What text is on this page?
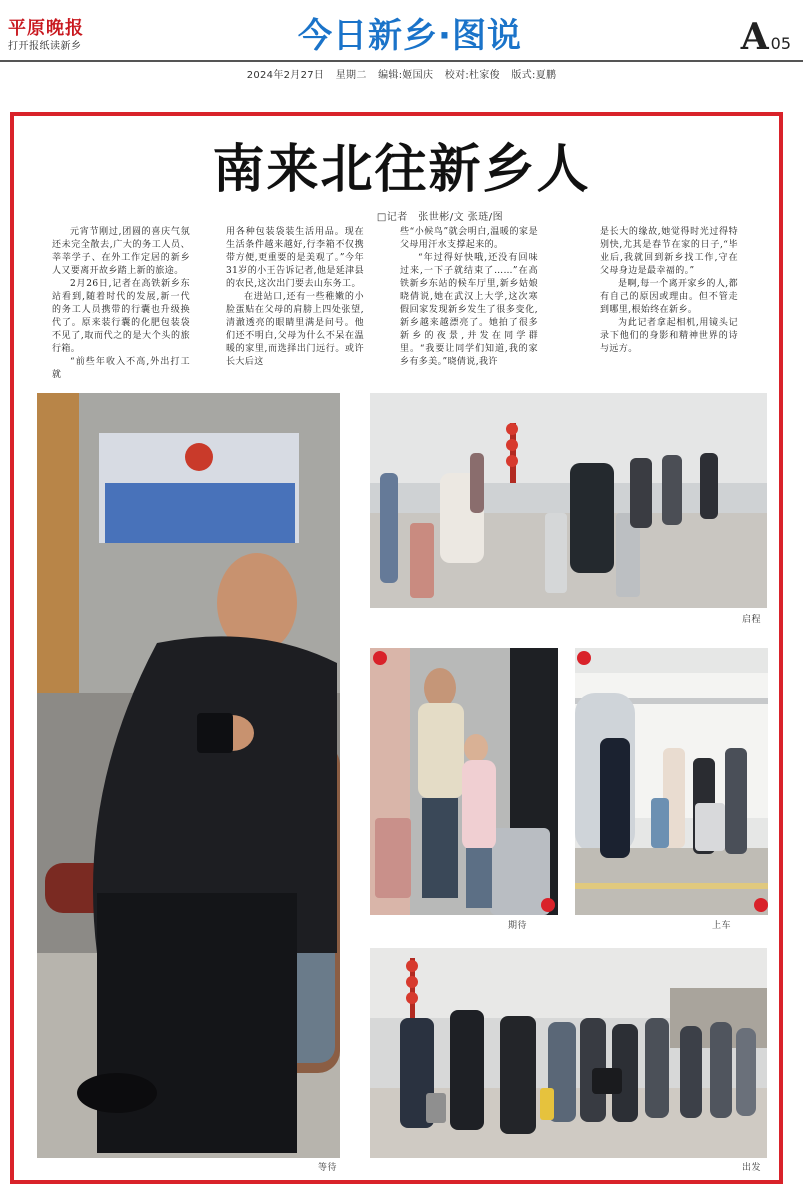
平原晚报
打开报纸读新乡	今日新乡·图说	A 05
2024年2月27日 星期二 编辑:姬国庆 校对:杜家俊 版式:夏鹏
南来北往新乡人
□记者　张世彬/文 张琏/图

元宵节刚过,团圆的喜庆气氛还未完全散去,广大的务工人员、莘莘学子、在外工作定居的新乡人又要离开故乡踏上新的旅途。

2月26日,记者在高铁新乡东站看到,随着时代的发展,新一代的务工人员携带的行囊也升级换代了。原来装行囊的化肥包装袋不见了,取而代之的是大个头的旅行箱。

“前些年收入不高,外出打工就

用各种包装袋装生活用品。现在生活条件越来越好,行李箱不仅携带方便,更重要的是美观了。”今年31岁的小王告诉记者,他是延津县的农民,这次出门要去山东务工。

在进站口,还有一些稚嫩的小脸蛋贴在父母的肩膀上四处张望,清澈透亮的眼睛里满是问号。他们还不明白,父母为什么不呆在温暖的家里,而选择出门远行。或许长大后这

些“小候鸟”就会明白,温暖的家是父母用汗水支撑起来的。

“年过得好快哦,还没有回味过来,一下子就结束了……”在高铁新乡东站的候车厅里,新乡姑娘晓倩说,她在武汉上大学,这次寒假回家发现新乡发生了很多变化,新乡越来越漂亮了。她拍了很多新乡的夜景,并发在同学群里。“我要让同学们知道,我的家乡有多美。”晓倩说,我许

是长大的缘故,她觉得时光过得特别快,尤其是春节在家的日子,“毕业后,我就回到新乡找工作,守在父母身边是最幸福的。”

是啊,每一个离开家乡的人,都有自己的原因或理由。但不管走到哪里,根始终在新乡。

为此记者拿起相机,用镜头记录下他们的身影和精神世界的诗与远方。

等待
启程
期待	上车
出发
